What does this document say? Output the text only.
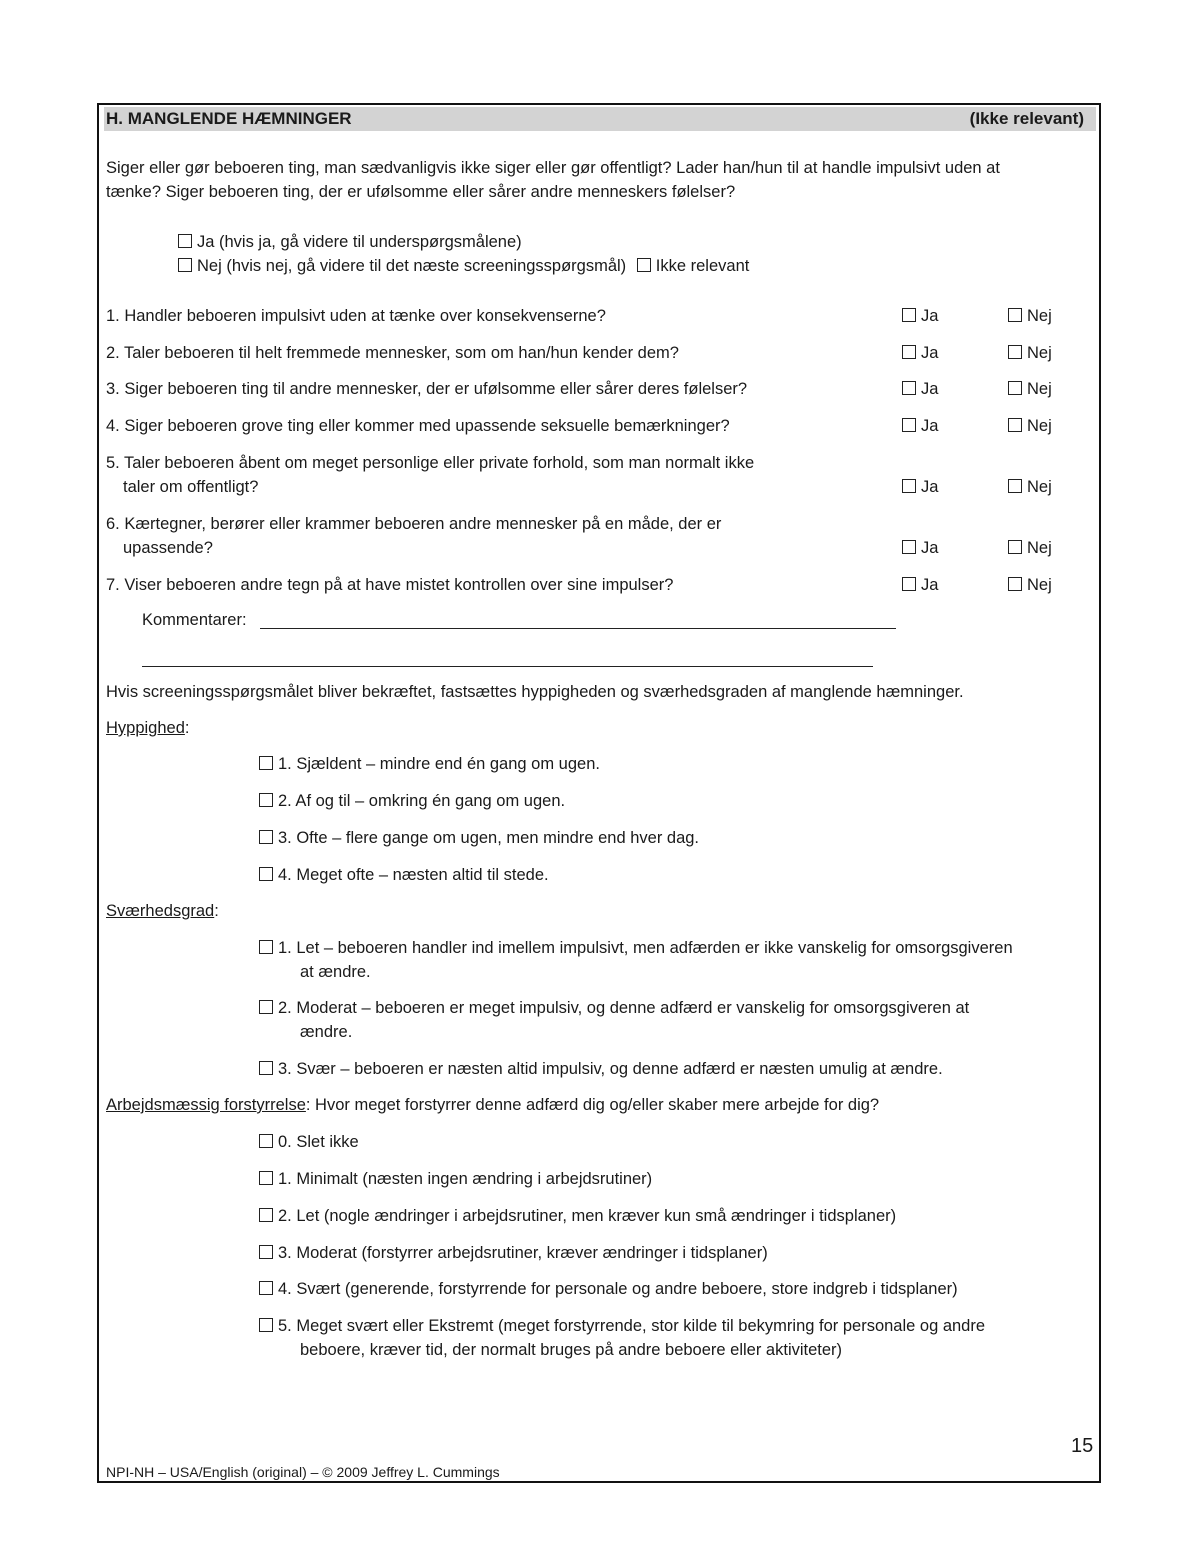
H. MANGLENDE HÆMNINGER	(Ikke relevant)
Siger eller gør beboeren ting, man sædvanligvis ikke siger eller gør offentligt? Lader han/hun til at handle impulsivt uden at
tænke? Siger beboeren ting, der er ufølsomme eller sårer andre menneskers følelser?
Ja (hvis ja, gå videre til underspørgsmålene)
Nej (hvis nej, gå videre til det næste screeningsspørgsmål) Ikke relevant
1. Handler beboeren impulsivt uden at tænke over konsekvenserne?	Ja	Nej
2. Taler beboeren til helt fremmede mennesker, som om han/hun kender dem?	Ja	Nej
3. Siger beboeren ting til andre mennesker, der er ufølsomme eller sårer deres følelser?	Ja	Nej
4. Siger beboeren grove ting eller kommer med upassende seksuelle bemærkninger?	Ja	Nej
5. Taler beboeren åbent om meget personlige eller private forhold, som man normalt ikke
taler om offentligt?	Ja	Nej
6. Kærtegner, berører eller krammer beboeren andre mennesker på en måde, der er
upassende?	Ja	Nej
7. Viser beboeren andre tegn på at have mistet kontrollen over sine impulser?	Ja	Nej
Kommentarer:
Hvis screeningsspørgsmålet bliver bekræftet, fastsættes hyppigheden og sværhedsgraden af manglende hæmninger.
Hyppighed:
1. Sjældent – mindre end én gang om ugen.
2. Af og til – omkring én gang om ugen.
3. Ofte – flere gange om ugen, men mindre end hver dag.
4. Meget ofte – næsten altid til stede.
Sværhedsgrad:
1. Let – beboeren handler ind imellem impulsivt, men adfærden er ikke vanskelig for omsorgsgiveren
at ændre.
2. Moderat – beboeren er meget impulsiv, og denne adfærd er vanskelig for omsorgsgiveren at
ændre.
3. Svær – beboeren er næsten altid impulsiv, og denne adfærd er næsten umulig at ændre.
Arbejdsmæssig forstyrrelse: Hvor meget forstyrrer denne adfærd dig og/eller skaber mere arbejde for dig?
0. Slet ikke
1. Minimalt (næsten ingen ændring i arbejdsrutiner)
2. Let (nogle ændringer i arbejdsrutiner, men kræver kun små ændringer i tidsplaner)
3. Moderat (forstyrrer arbejdsrutiner, kræver ændringer i tidsplaner)
4. Svært (generende, forstyrrende for personale og andre beboere, store indgreb i tidsplaner)
5. Meget svært eller Ekstremt (meget forstyrrende, stor kilde til bekymring for personale og andre
beboere, kræver tid, der normalt bruges på andre beboere eller aktiviteter)
15
NPI-NH – USA/English (original) – © 2009 Jeffrey L. Cummings
